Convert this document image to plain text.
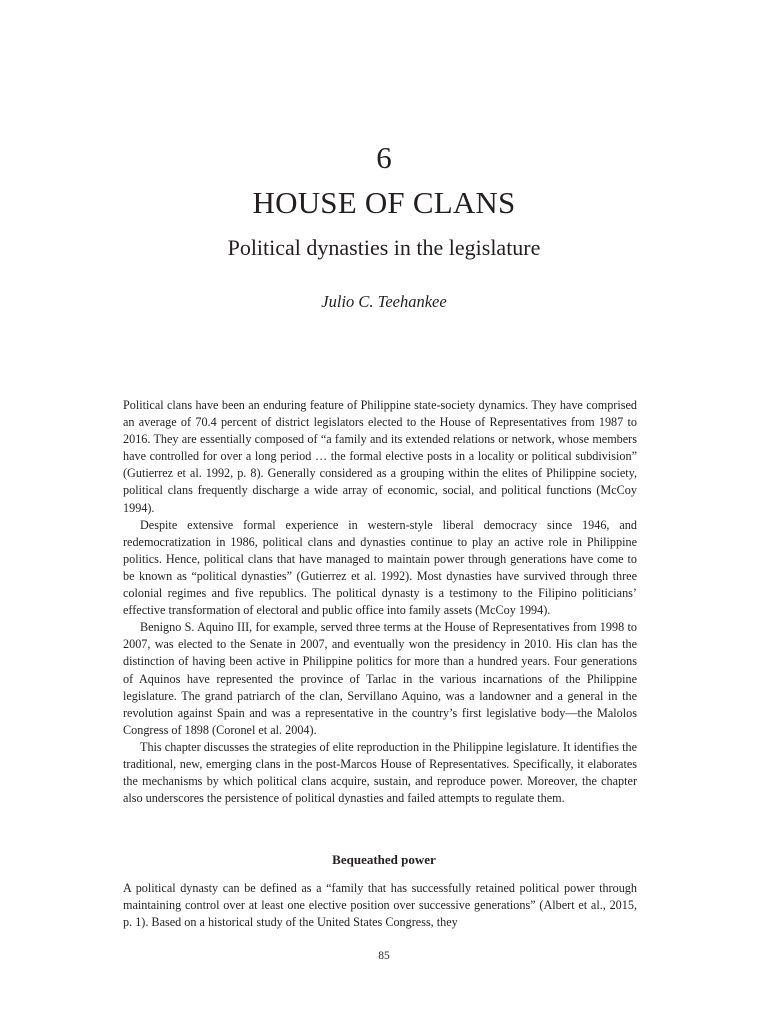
6
HOUSE OF CLANS
Political dynasties in the legislature
Julio C. Teehankee

Political clans have been an enduring feature of Philippine state-society dynamics. They have comprised an average of 70.4 percent of district legislators elected to the House of Representatives from 1987 to 2016. They are essentially composed of “a family and its extended relations or network, whose members have controlled for over a long period … the formal elective posts in a locality or political subdivision” (Gutierrez et al. 1992, p. 8). Generally considered as a grouping within the elites of Philippine society, political clans frequently discharge a wide array of economic, social, and political functions (McCoy 1994).

Despite extensive formal experience in western-style liberal democracy since 1946, and redemocratization in 1986, political clans and dynasties continue to play an active role in Philippine politics. Hence, political clans that have managed to maintain power through generations have come to be known as “political dynasties” (Gutierrez et al. 1992). Most dynasties have survived through three colonial regimes and five republics. The political dynasty is a testimony to the Filipino politicians’ effective transformation of electoral and public office into family assets (McCoy 1994).

Benigno S. Aquino III, for example, served three terms at the House of Representatives from 1998 to 2007, was elected to the Senate in 2007, and eventually won the presidency in 2010. His clan has the distinction of having been active in Philippine politics for more than a hundred years. Four generations of Aquinos have represented the province of Tarlac in the various incarnations of the Philippine legislature. The grand patriarch of the clan, Servillano Aquino, was a landowner and a general in the revolution against Spain and was a representative in the country’s first legislative body—the Malolos Congress of 1898 (Coronel et al. 2004).

This chapter discusses the strategies of elite reproduction in the Philippine legislature. It identifies the traditional, new, emerging clans in the post-Marcos House of Representatives. Specifically, it elaborates the mechanisms by which political clans acquire, sustain, and reproduce power. Moreover, the chapter also underscores the persistence of political dynasties and failed attempts to regulate them.

Bequeathed power

A political dynasty can be defined as a “family that has successfully retained political power through maintaining control over at least one elective position over successive generations” (Albert et al., 2015, p. 1). Based on a historical study of the United States Congress, they

85
